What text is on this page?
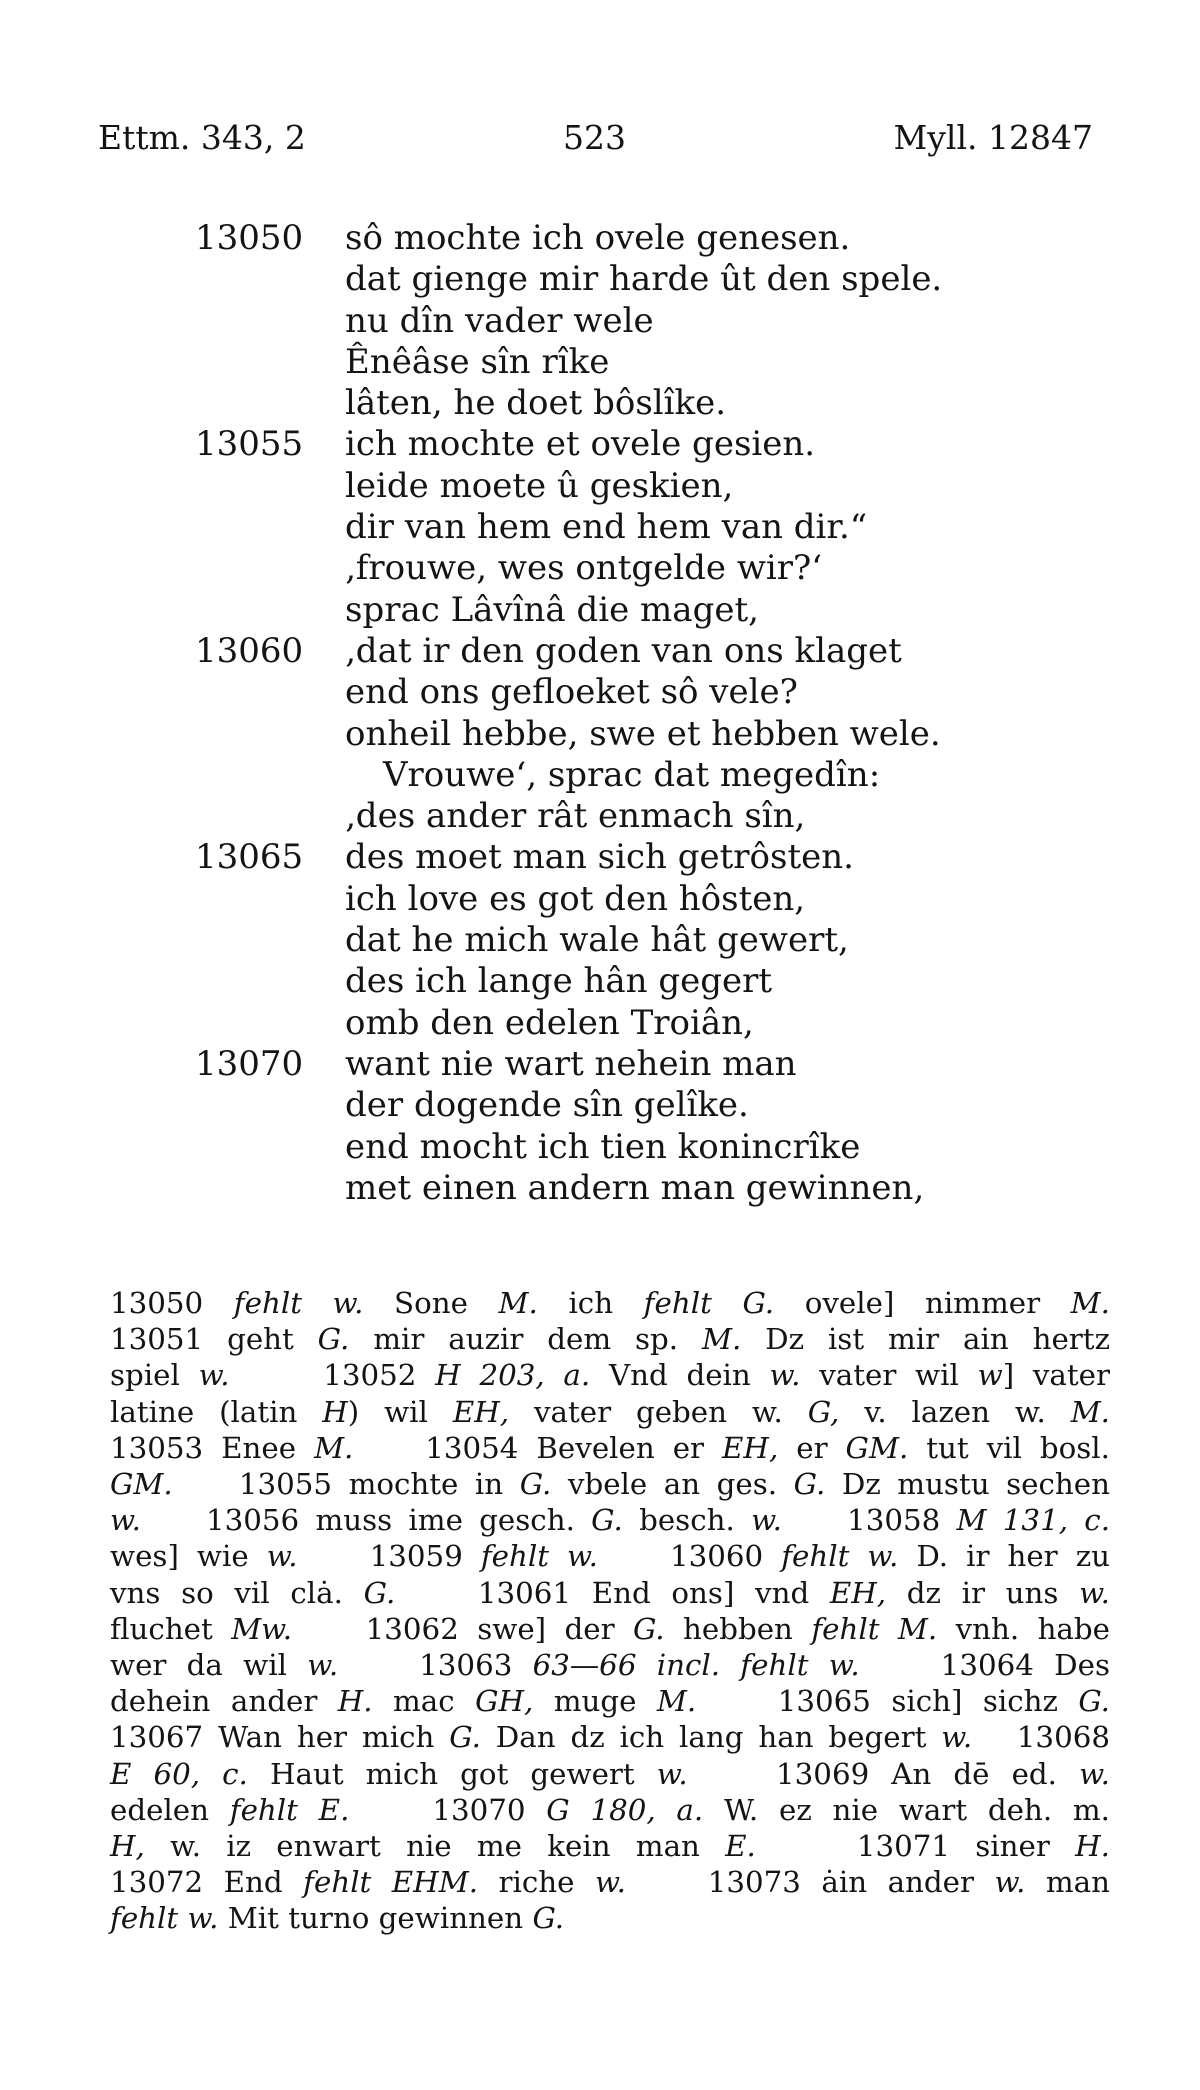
Ettm. 343, 2	523	Myll. 12847
13050 sô mochte ich ovele genesen.
dat gienge mir harde ût den spele.
nu dîn vader wele
Ênêâse sîn rîke
lâten, he doet bôslîke.
13055 ich mochte et ovele gesien.
leide moete û geskien,
dir van hem end hem van dir.“
‚frouwe, wes ontgelde wir?‘
sprac Lâvînâ die maget,
13060 ‚dat ir den goden van ons klaget
end ons gefloeket sô vele?
onheil hebbe, swe et hebben wele.
Vrouwe‘, sprac dat megedîn:
‚des ander rât enmach sîn,
13065 des moet man sich getrôsten.
ich love es got den hôsten,
dat he mich wale hât gewert,
des ich lange hân gegert
omb den edelen Troiân,
13070 want nie wart nehein man
der dogende sîn gelîke.
end mocht ich tien konincrîke
met einen andern man gewinnen,
13050 fehlt w. Sone M. ich fehlt G. ovele] nimmer M.
13051 geht G. mir auzir dem sp. M. Dz ist mir ain hertz
spiel w.     13052 H 203, a. Vnd dein w. vater wil w] vater
latine (latin H) wil EH, vater geben w. G, v. lazen w. M.
13053 Enee M.    13054 Bevelen er EH, er GM. tut vil bosl.
GM.    13055 mochte in G. vbele an ges. G. Dz mustu sechen
w.    13056 muss ime gesch. G. besch. w.    13058 M 131, c.
wes] wie w.    13059 fehlt w.    13060 fehlt w. D. ir her zu
vns so vil clȧ. G.    13061 End ons] vnd EH, dz ir uns w.
fluchet Mw.    13062 swe] der G. hebben fehlt M. vnh. habe
wer da wil w.    13063 63—66 incl. fehlt w.    13064 Des
dehein ander H. mac GH, muge M.    13065 sich] sichz G.
13067 Wan her mich G. Dan dz ich lang han begert w.   13068
E 60, c. Haut mich got gewert w.    13069 An dē ed. w.
edelen fehlt E.    13070 G 180, a. W. ez nie wart deh. m.
H, w. iz enwart nie me kein man E.    13071 siner H.
13072 End fehlt EHM. riche w.    13073 ȧin ander w. man
fehlt w. Mit turno gewinnen G.
